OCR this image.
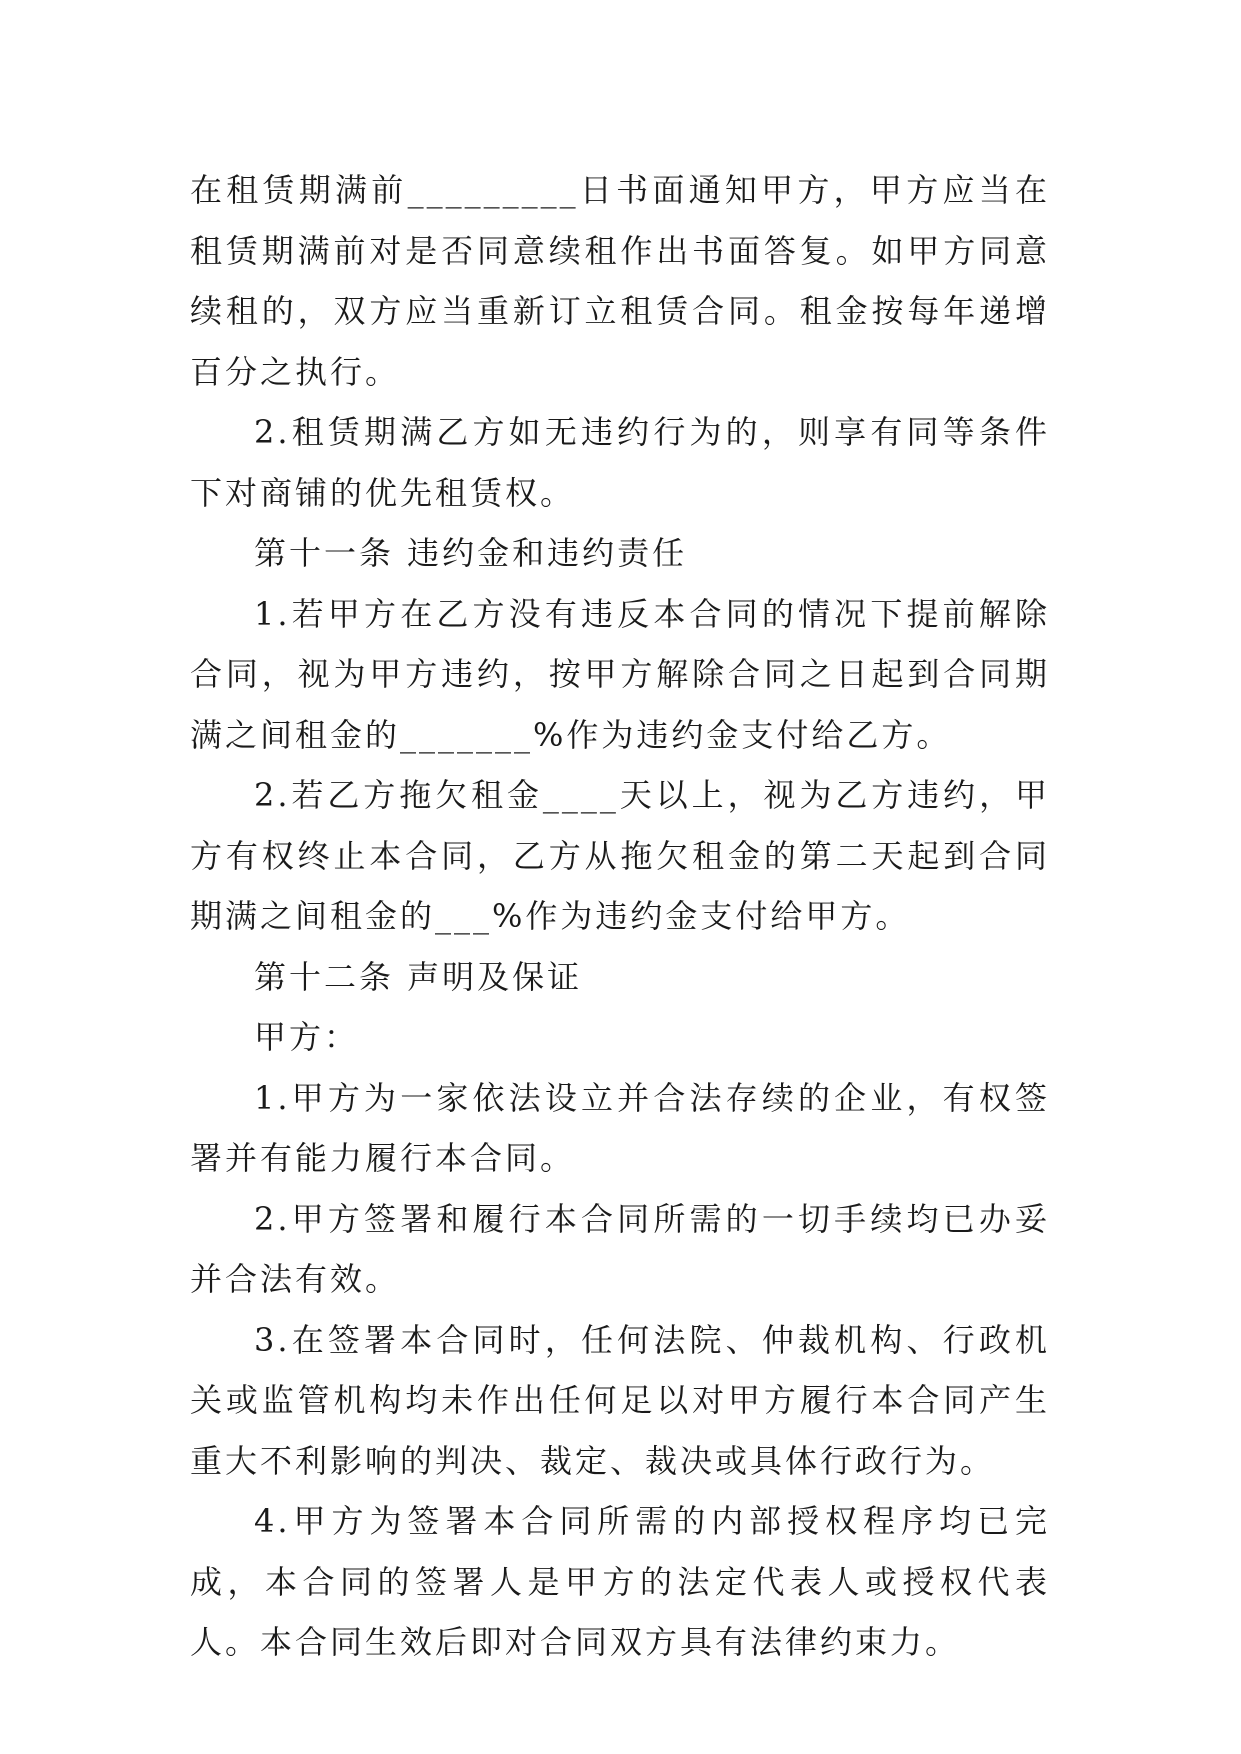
在租赁期满前_________日书面通知甲方，甲方应当在租赁期满前对是否同意续租作出书面答复。如甲方同意续租的，双方应当重新订立租赁合同。租金按每年递增百分之执行。

2.租赁期满乙方如无违约行为的，则享有同等条件下对商铺的优先租赁权。

第十一条 违约金和违约责任

1.若甲方在乙方没有违反本合同的情况下提前解除合同，视为甲方违约，按甲方解除合同之日起到合同期满之间租金的_______%作为违约金支付给乙方。

2.若乙方拖欠租金____天以上，视为乙方违约，甲方有权终止本合同，乙方从拖欠租金的第二天起到合同期满之间租金的___%作为违约金支付给甲方。

第十二条 声明及保证

甲方：

1.甲方为一家依法设立并合法存续的企业，有权签署并有能力履行本合同。

2.甲方签署和履行本合同所需的一切手续均已办妥并合法有效。

3.在签署本合同时，任何法院、仲裁机构、行政机关或监管机构均未作出任何足以对甲方履行本合同产生重大不利影响的判决、裁定、裁决或具体行政行为。

4.甲方为签署本合同所需的内部授权程序均已完成，本合同的签署人是甲方的法定代表人或授权代表人。本合同生效后即对合同双方具有法律约束力。
